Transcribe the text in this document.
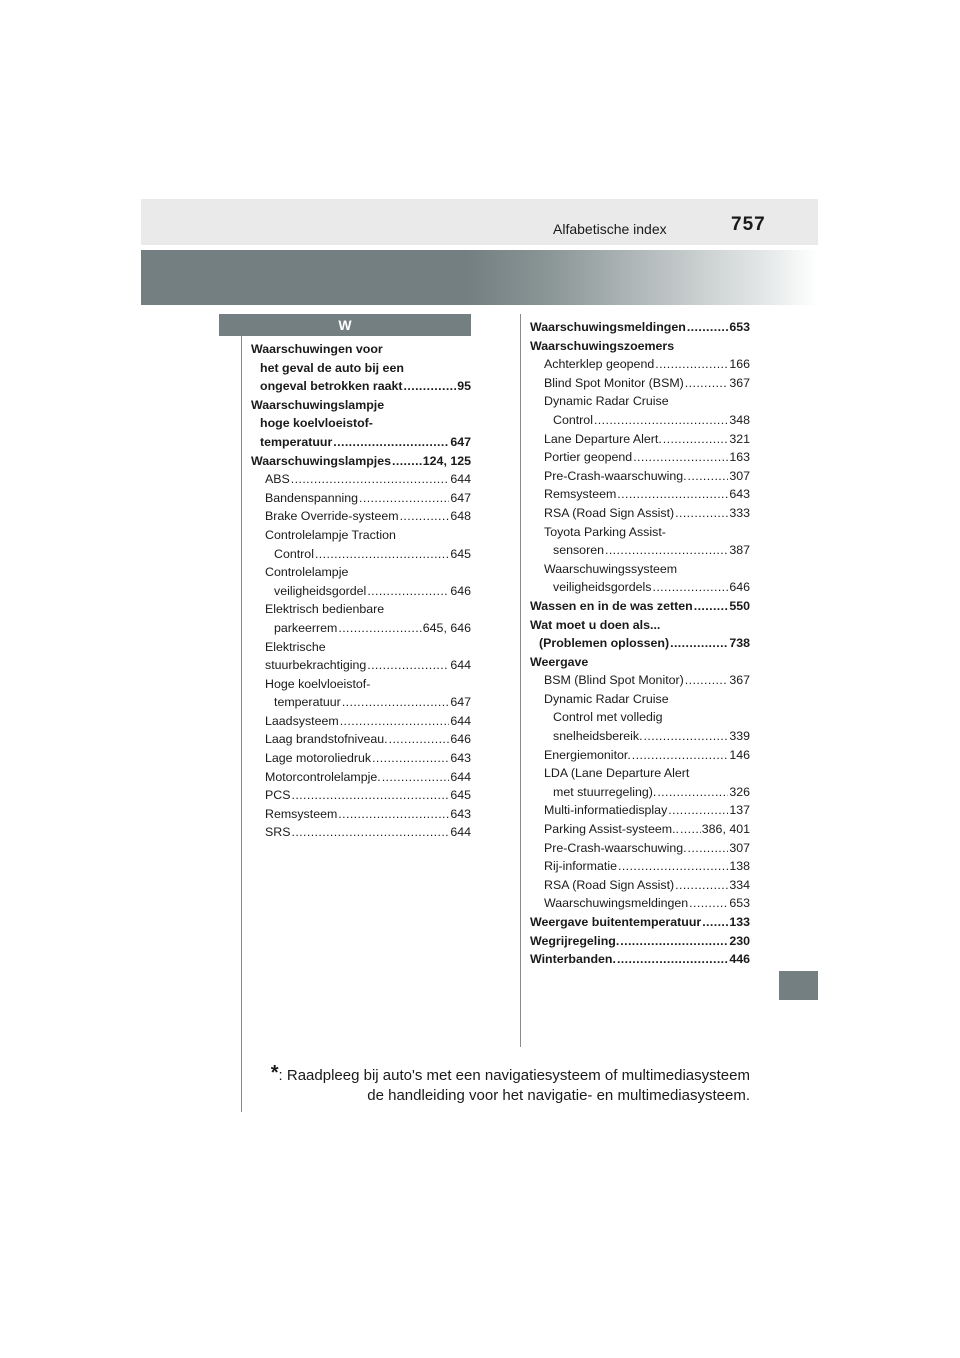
Alfabetische index	757
W
Waarschuwingen voor
het geval de auto bij een
ongeval betrokken raakt .....	95
Waarschuwingslampje
hoge koelvloeistof-
temperatuur .....	647
Waarschuwingslampjes .....	124, 125
ABS .....	644
Bandenspanning .....	647
Brake Override-systeem .....	648
Controlelampje Traction
Control .....	645
Controlelampje
veiligheidsgordel .....	646
Elektrisch bedienbare
parkeerrem .....	645, 646
Elektrische
stuurbekrachtiging .....	644
Hoge koelvloeistof-
temperatuur .....	647
Laadsysteem .....	644
Laag brandstofniveau. .....	646
Lage motoroliedruk .....	643
Motorcontrolelampje. .....	644
PCS .....	645
Remsysteem .....	643
SRS .....	644
Waarschuwingsmeldingen .....	653
Waarschuwingszoemers
Achterklep geopend .....	166
Blind Spot Monitor (BSM) .....	367
Dynamic Radar Cruise
Control .....	348
Lane Departure Alert. .....	321
Portier geopend .....	163
Pre-Crash-waarschuwing. .....	307
Remsysteem .....	643
RSA (Road Sign Assist) .....	333
Toyota Parking Assist-
sensoren .....	387
Waarschuwingssysteem
veiligheidsgordels .....	646
Wassen en in de was zetten .....	550
Wat moet u doen als...
(Problemen oplossen) .....	738
Weergave
BSM (Blind Spot Monitor) .....	367
Dynamic Radar Cruise
Control met volledig
snelheidsbereik. .....	339
Energiemonitor. .....	146
LDA (Lane Departure Alert
met stuurregeling). .....	326
Multi-informatiedisplay .....	137
Parking Assist-systeem.. ..... 386, 401
Pre-Crash-waarschuwing. .....	307
Rij-informatie .....	138
RSA (Road Sign Assist) .....	334
Waarschuwingsmeldingen .....	653
Weergave buitentemperatuur ..... 133
Wegrijregeling. .....	230
Winterbanden. .....	446
*: Raadpleeg bij auto's met een navigatiesysteem of multimediasysteem
de handleiding voor het navigatie- en multimediasysteem.
